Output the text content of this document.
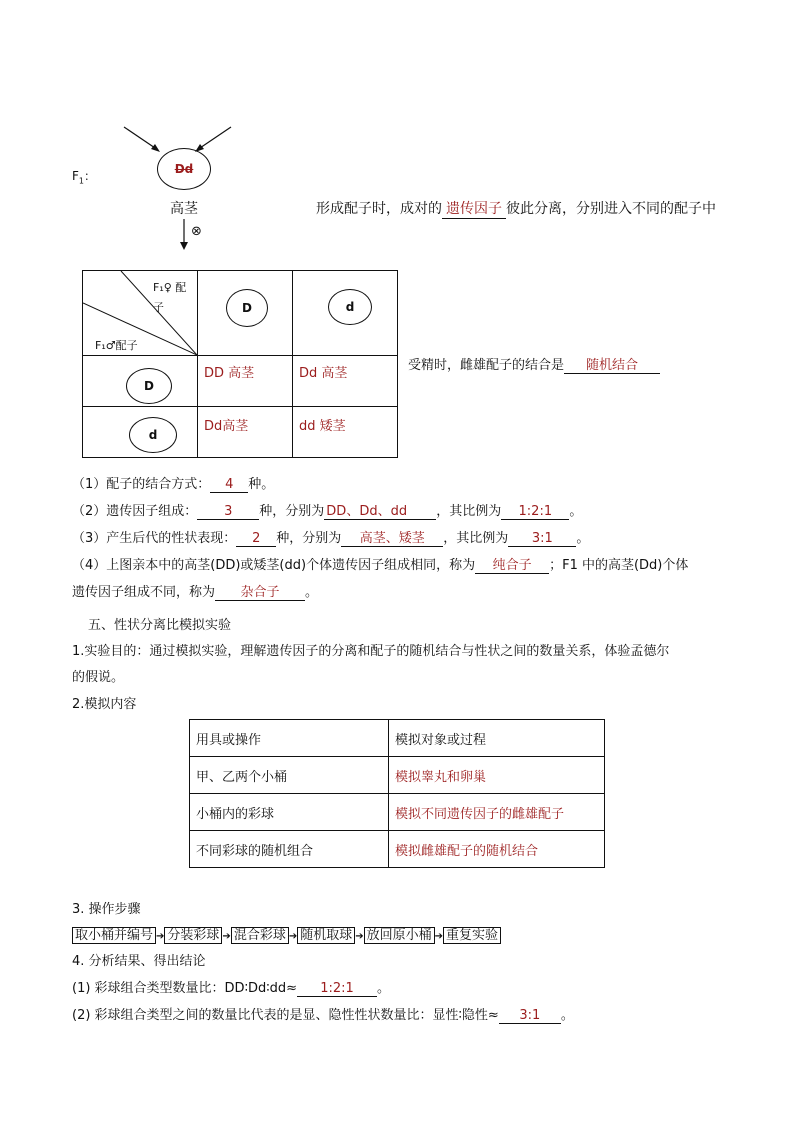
$F_1$：	Dd
高茎
⊗
形成配子时，成对的 遗传因子 彼此分离，分别进入不同的配子中
F₁♀ 配
子
F₁♂配子	D	d

D	DD 高茎	Dd 高茎

d	Dd高茎	dd 矮茎
受精时，雌雄配子的结合是 随机结合
（1）配子的结合方式： 4 种。
（2）遗传因子组成： 3 种，分别为 DD、Dd、dd ，其比例为 1:2:1 。
（3）产生后代的性状表现： 2 种，分别为 高茎、矮茎 ，其比例为 3:1 。
（4）上图亲本中的高茎(DD)或矮茎(dd)个体遗传因子组成相同，称为 纯合子 ；F1 中的高茎(Dd)个体
遗传因子组成不同，称为 杂合子 。
五、性状分离比模拟实验
1.实验目的：通过模拟实验，理解遗传因子的分离和配子的随机结合与性状之间的数量关系，体验孟德尔
的假说。
2.模拟内容
用具或操作	模拟对象或过程
甲、乙两个小桶	模拟睾丸和卵巢
小桶内的彩球	模拟不同遗传因子的雌雄配子
不同彩球的随机组合	模拟雌雄配子的随机结合
3. 操作步骤
取小桶并编号 ➔ 分装彩球 ➔ 混合彩球 ➔ 随机取球 ➔ 放回原小桶 ➔ 重复实验
4. 分析结果、得出结论
(1) 彩球组合类型数量比：DD∶Dd∶dd≈ 1:2:1 。
(2) 彩球组合类型之间的数量比代表的是显、隐性性状数量比：显性∶隐性≈ 3:1 。
